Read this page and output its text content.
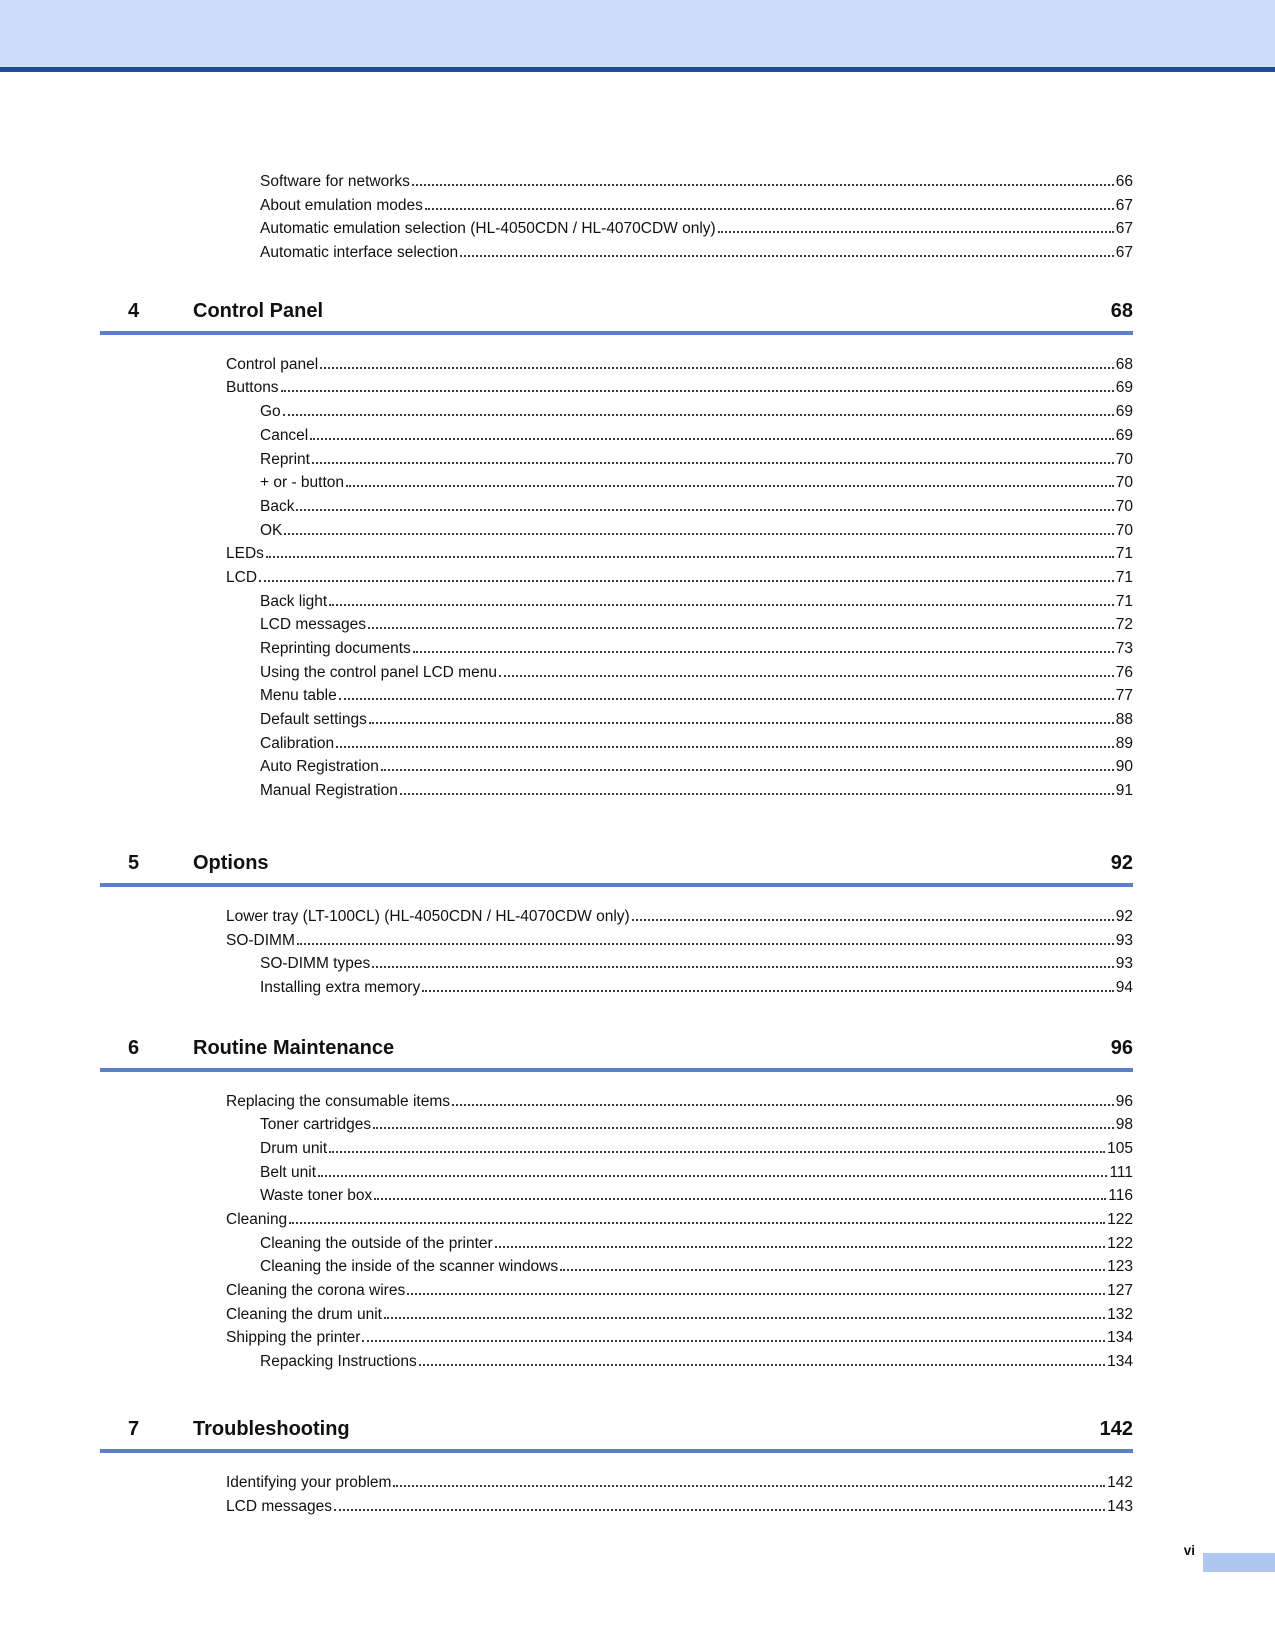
Software for networks	66
About emulation modes	67
Automatic emulation selection (HL-4050CDN / HL-4070CDW only)	67
Automatic interface selection	67
4	Control Panel	68
Control panel	68
Buttons	69
Go	69
Cancel	69
Reprint	70
+ or - button	70
Back	70
OK	70
LEDs	71
LCD	71
Back light	71
LCD messages	72
Reprinting documents	73
Using the control panel LCD menu	76
Menu table	77
Default settings	88
Calibration	89
Auto Registration	90
Manual Registration	91
5	Options	92
Lower tray (LT-100CL) (HL-4050CDN / HL-4070CDW only)	92
SO-DIMM	93
SO-DIMM types	93
Installing extra memory	94
6	Routine Maintenance	96
Replacing the consumable items	96
Toner cartridges	98
Drum unit	105
Belt unit	111
Waste toner box	116
Cleaning	122
Cleaning the outside of the printer	122
Cleaning the inside of the scanner windows	123
Cleaning the corona wires	127
Cleaning the drum unit	132
Shipping the printer	134
Repacking Instructions	134
7	Troubleshooting	142
Identifying your problem	142
LCD messages	143
vi
